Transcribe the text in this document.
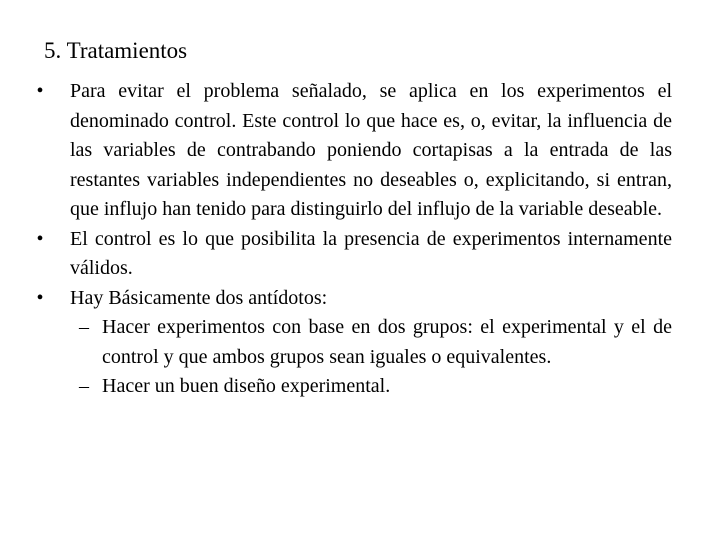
5. Tratamientos
•	Para evitar el problema señalado, se aplica en los experimentos el denominado control. Este control lo que hace es, o, evitar, la influencia de las variables de contrabando poniendo cortapisas a la entrada de las restantes variables independientes no deseables o, explicitando, si entran, que influjo han tenido para distinguirlo del influjo de la variable deseable.
•	El control es lo que posibilita la presencia de experimentos internamente válidos.
•	Hay Básicamente dos antídotos:
– Hacer experimentos con base en dos grupos: el experimental y el de control y que ambos grupos sean iguales o equivalentes.
– Hacer un buen diseño experimental.
